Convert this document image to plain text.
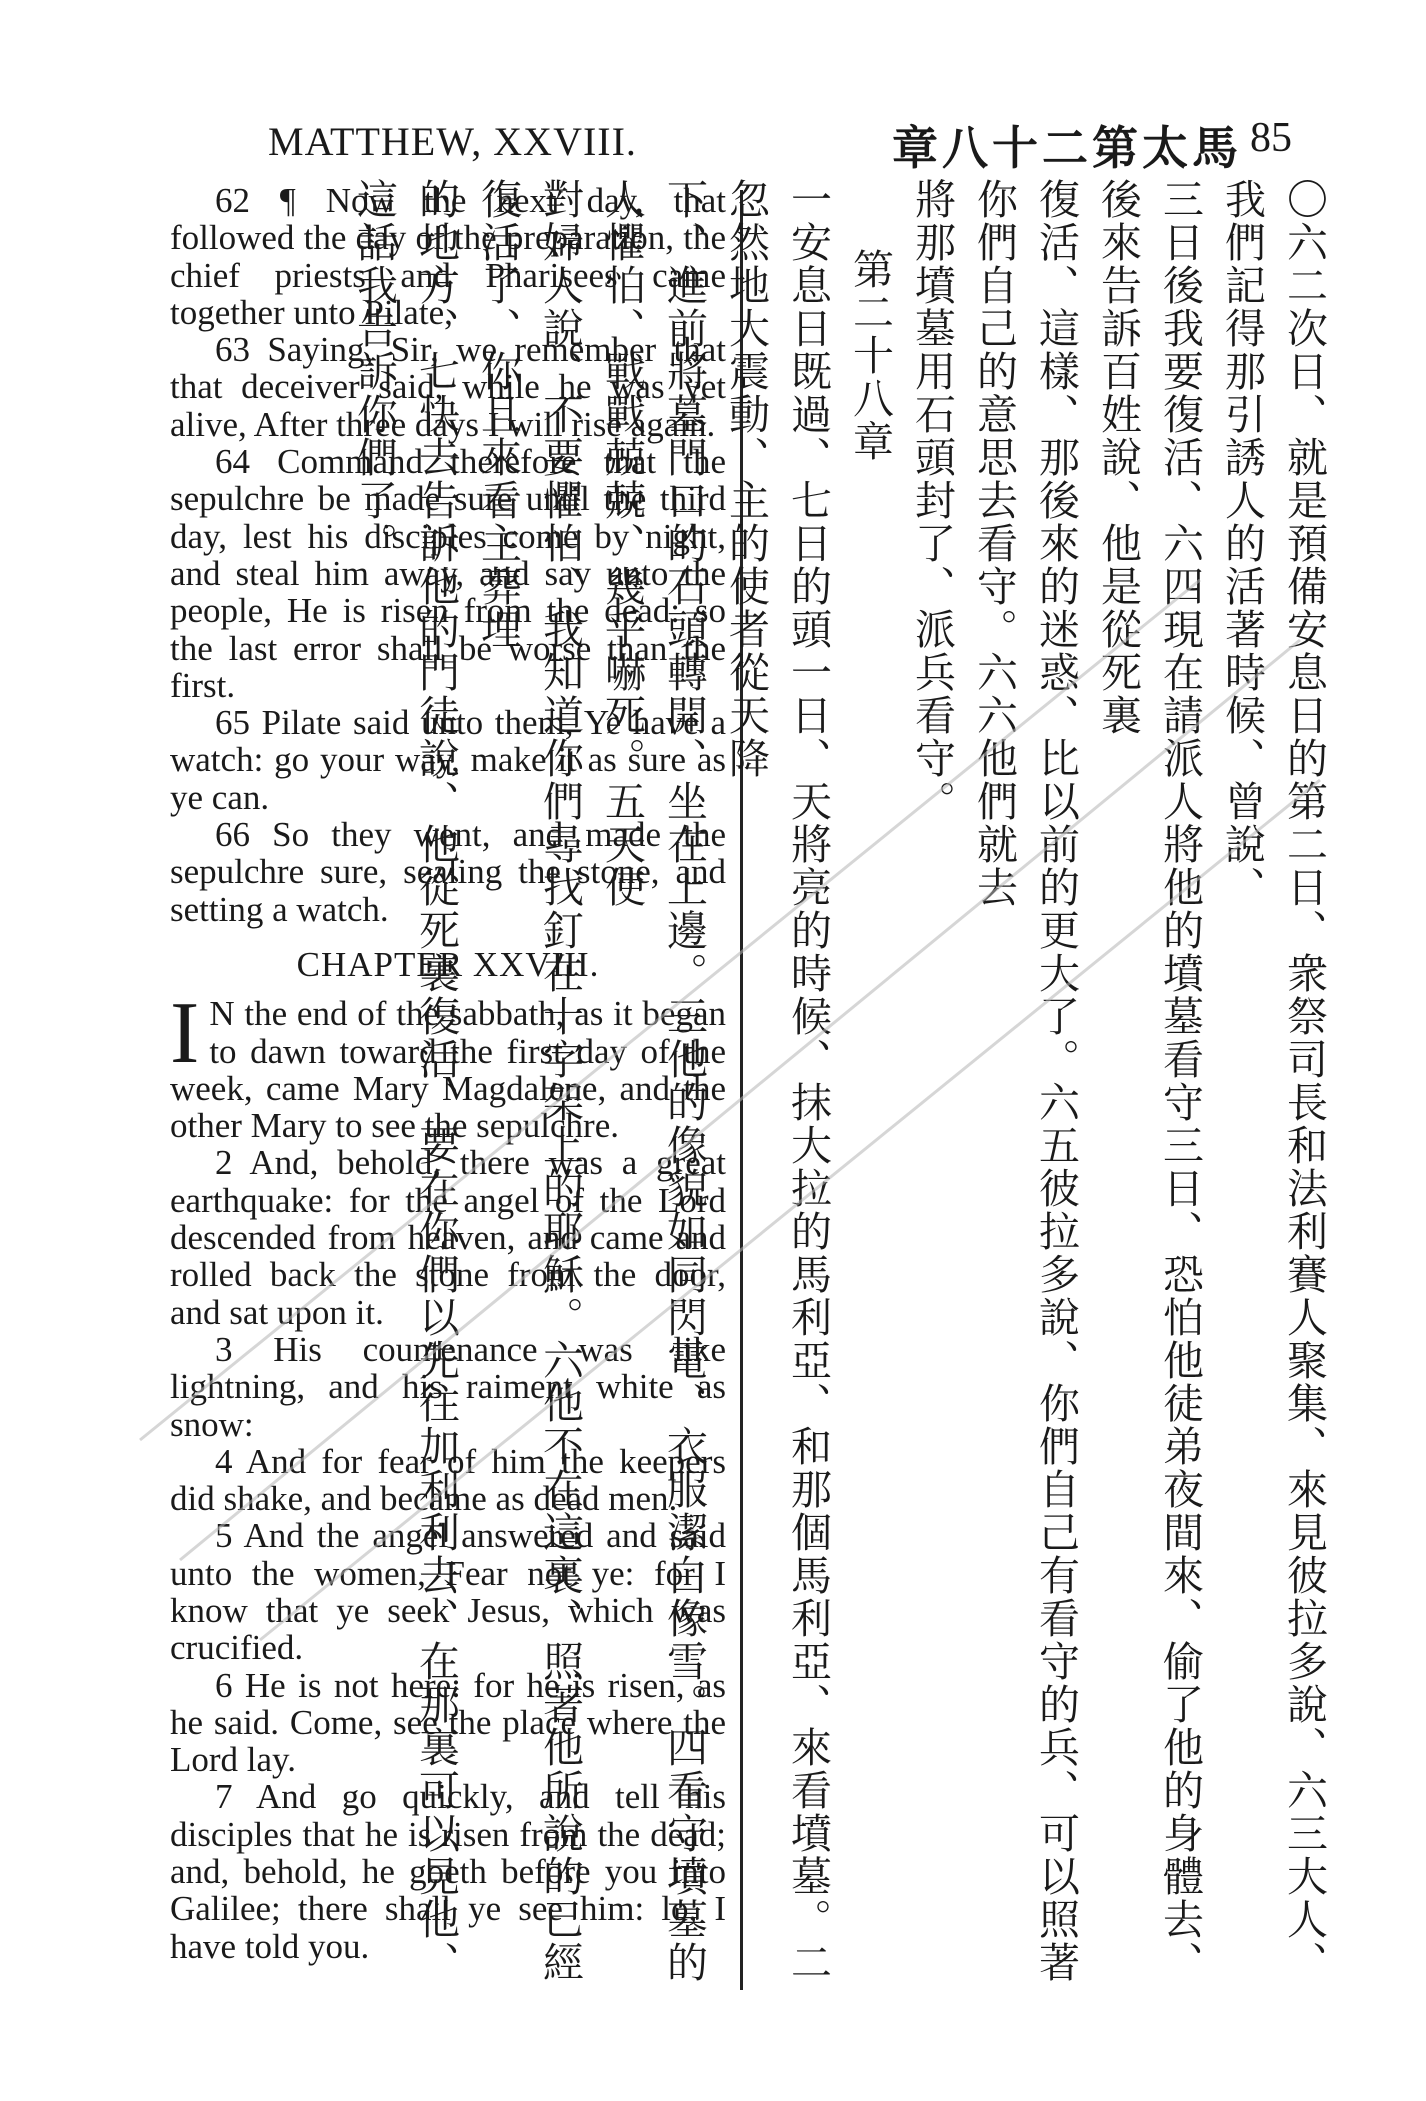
MATTHEW, XXVIII.	章八十二第太馬 85

62 ¶ Now the next day, that followed the day of the preparation, the chief priests and Pharisees came together unto Pilate,

63 Saying, Sir, we remember that that deceiver said, while he was yet alive, After three days I will rise again.

64 Command therefore that the sepulchre be made sure until the third day, lest his disciples come by night, and steal him away, and say unto the people, He is risen from the dead: so the last error shall be worse than the first.

65 Pilate said unto them, Ye have a watch: go your way, make it as sure as ye can.

66 So they went, and made the sepulchre sure, sealing the stone, and setting a watch.

CHAPTER XXVIII.

I N the end of the sabbath, as it began to dawn toward the first day of the week, came Mary Magdalene, and the other Mary to see the sepulchre.

2 And, behold, there was a great earthquake: for the angel of the Lord descended from heaven, and came and rolled back the stone from the door, and sat upon it.

3 His countenance was like lightning, and his raiment white as snow:

4 And for fear of him the keepers did shake, and became as dead men.

5 And the angel answered and said unto the women, Fear not ye: for I know that ye seek Jesus, which was crucified.

6 He is not here: for he is risen, as he said. Come, see the place where the Lord lay.

7 And go quickly, and tell his disciples that he is risen from the dead; and, behold, he goeth before you into Galilee; there shall ye see him: lo, I have told you.	〇六二次日、就是預備安息日的第二日、衆祭司長和法利賽人聚集、來見彼拉多說、六三大人、我們記得那引誘人的活著時候、曾說、

三日後我要復活、六四現在請派人將他的墳墓看守三日、恐怕他徒弟夜間來、偷了他的身體去、後來告訴百姓說、他是從死裏

復活、這樣、那後來的迷惑、比以前的更大了。六五彼拉多說、你們自己有看守的兵、可以照著你們自己的意思去看守。六六他們就去

將那墳墓用石頭封了、派兵看守。

第二十八章

一安息日既過、七日的頭一日、天將亮的時候、抹大拉的馬利亞、和那個馬利亞、來看墳墓。二忽然地大震動、主的使者從天降

下、進前將墓門口的石頭轉開、坐在上邊。三他的像貌如同閃電、衣服潔白像雪。四看守墳墓的人懼怕、戰戰兢兢、幾乎嚇死。五天使

對婦人說、不要懼怕、我知道你們尋找釘在十字架上的耶穌。六他不在這裏、照著他所說的已經復活了、你且來看主葬埋

的地方、七快去告訴他的門徒說、他從死裏復活、要在你們以先往加利利去、在那裏可以見他、這話我告訴你們了。
